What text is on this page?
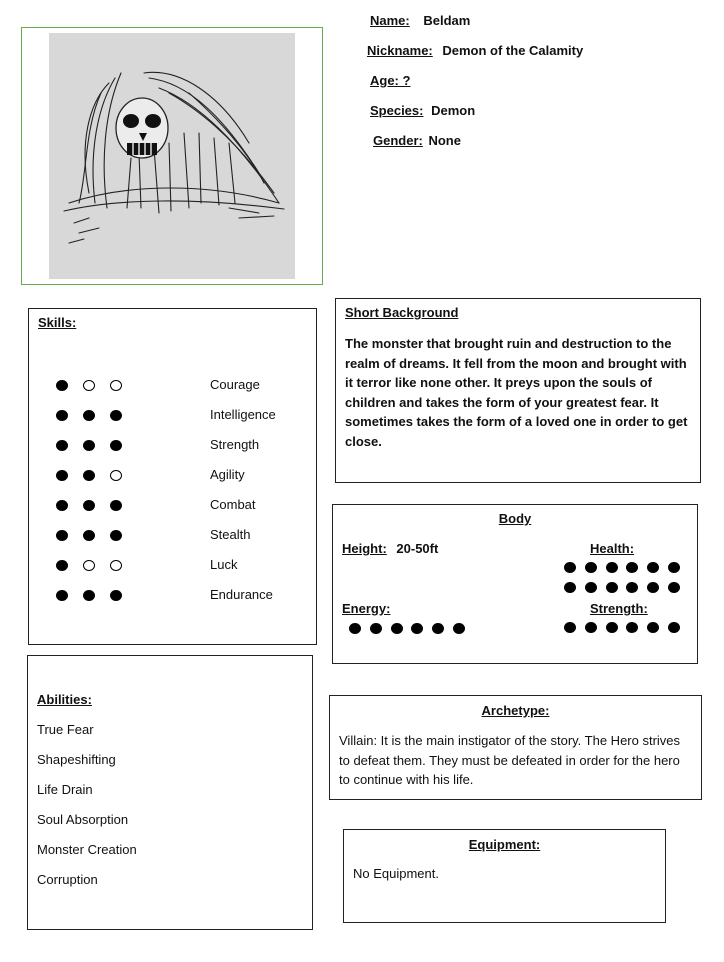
Name: Beldam
Nickname: Demon of the Calamity
Age: ?
Species: Demon
Gender: None
Skills:
Courage
Intelligence
Strength
Agility
Combat
Stealth
Luck
Endurance
Short Background
The monster that brought ruin and destruction to the realm of dreams. It fell from the moon and brought with it terror like none other. It preys upon the souls of children and takes the form of your greatest fear. It sometimes takes the form of a loved one in order to get close.
Body
Height: 20-50ft	Health:
Energy:	Strength:
Abilities:
True Fear
Shapeshifting
Life Drain
Soul Absorption
Monster Creation
Corruption
Archetype:
Villain: It is the main instigator of the story. The Hero strives to defeat them. They must be defeated in order for the hero to continue with his life.
Equipment:
No Equipment.
